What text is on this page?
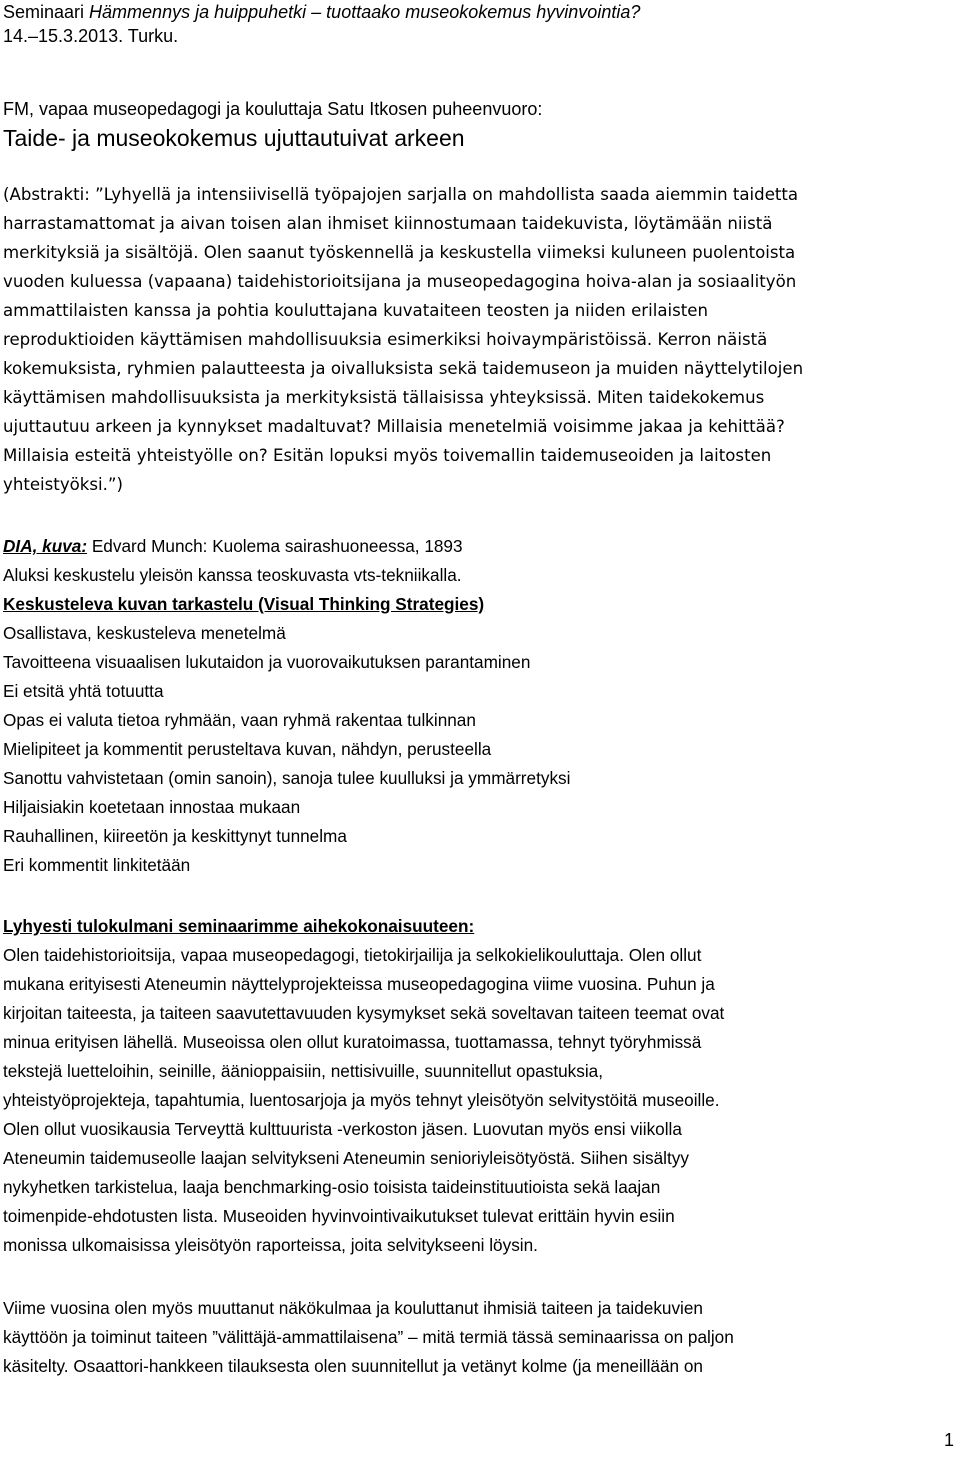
Seminaari Hämmennys ja huippuhetki – tuottaako museokokemus hyvinvointia?

14.–15.3.2013. Turku.

FM, vapaa museopedagogi ja kouluttaja Satu Itkosen puheenvuoro:
Taide- ja museokokemus ujuttautuivat arkeen
(Abstrakti: ”Lyhyellä ja intensiivisellä työpajojen sarjalla on mahdollista saada aiemmin taidetta
harrastamattomat ja aivan toisen alan ihmiset kiinnostumaan taidekuvista, löytämään niistä
merkityksiä ja sisältöjä. Olen saanut työskennellä ja keskustella viimeksi kuluneen puolentoista
vuoden kuluessa (vapaana) taidehistorioitsijana ja museopedagogina hoiva-alan ja sosiaalityön
ammattilaisten kanssa ja pohtia kouluttajana kuvataiteen teosten ja niiden erilaisten
reproduktioiden käyttämisen mahdollisuuksia esimerkiksi hoivaympäristöissä. Kerron näistä
kokemuksista, ryhmien palautteesta ja oivalluksista sekä taidemuseon ja muiden näyttelytilojen
käyttämisen mahdollisuuksista ja merkityksistä tällaisissa yhteyksissä. Miten taidekokemus
ujuttautuu arkeen ja kynnykset madaltuvat? Millaisia menetelmiä voisimme jakaa ja kehittää?
Millaisia esteitä yhteistyölle on? Esitän lopuksi myös toivemallin taidemuseoiden ja laitosten
yhteistyöksi.”)
DIA, kuva: Edvard Munch: Kuolema sairashuoneessa, 1893
Aluksi keskustelu yleisön kanssa teoskuvasta vts-tekniikalla.
Keskusteleva kuvan tarkastelu (Visual Thinking Strategies)
Osallistava, keskusteleva menetelmä
Tavoitteena visuaalisen lukutaidon ja vuorovaikutuksen parantaminen
Ei etsitä yhtä totuutta
Opas ei valuta tietoa ryhmään, vaan ryhmä rakentaa tulkinnan
Mielipiteet ja kommentit perusteltava kuvan, nähdyn, perusteella
Sanottu vahvistetaan (omin sanoin), sanoja tulee kuulluksi ja ymmärretyksi
Hiljaisiakin koetetaan innostaa mukaan
Rauhallinen, kiireetön ja keskittynyt tunnelma
Eri kommentit linkitetään
Lyhyesti tulokulmani seminaarimme aihekokonaisuuteen:
Olen taidehistorioitsija, vapaa museopedagogi, tietokirjailija ja selkokielikouluttaja. Olen ollut
mukana erityisesti Ateneumin näyttelyprojekteissa museopedagogina viime vuosina. Puhun ja
kirjoitan taiteesta, ja taiteen saavutettavuuden kysymykset sekä soveltavan taiteen teemat ovat
minua erityisen lähellä. Museoissa olen ollut kuratoimassa, tuottamassa, tehnyt työryhmissä
tekstejä luetteloihin, seinille, äänioppaisiin, nettisivuille, suunnitellut opastuksia,
yhteistyöprojekteja, tapahtumia, luentosarjoja ja myös tehnyt yleisötyön selvitystöitä museoille.
Olen ollut vuosikausia Terveyttä kulttuurista -verkoston jäsen. Luovutan myös ensi viikolla
Ateneumin taidemuseolle laajan selvitykseni Ateneumin senioriyleisötyöstä. Siihen sisältyy
nykyhetken tarkistelua, laaja benchmarking-osio toisista taideinstituutioista sekä laajan
toimenpide-ehdotusten lista. Museoiden hyvinvointivaikutukset tulevat erittäin hyvin esiin
monissa ulkomaisissa yleisötyön raporteissa, joita selvitykseeni löysin.
Viime vuosina olen myös muuttanut näkökulmaa ja kouluttanut ihmisiä taiteen ja taidekuvien
käyttöön ja toiminut taiteen ”välittäjä-ammattilaisena” – mitä termiä tässä seminaarissa on paljon
käsitelty. Osaattori-hankkeen tilauksesta olen suunnitellut ja vetänyt kolme (ja meneillään on
1
